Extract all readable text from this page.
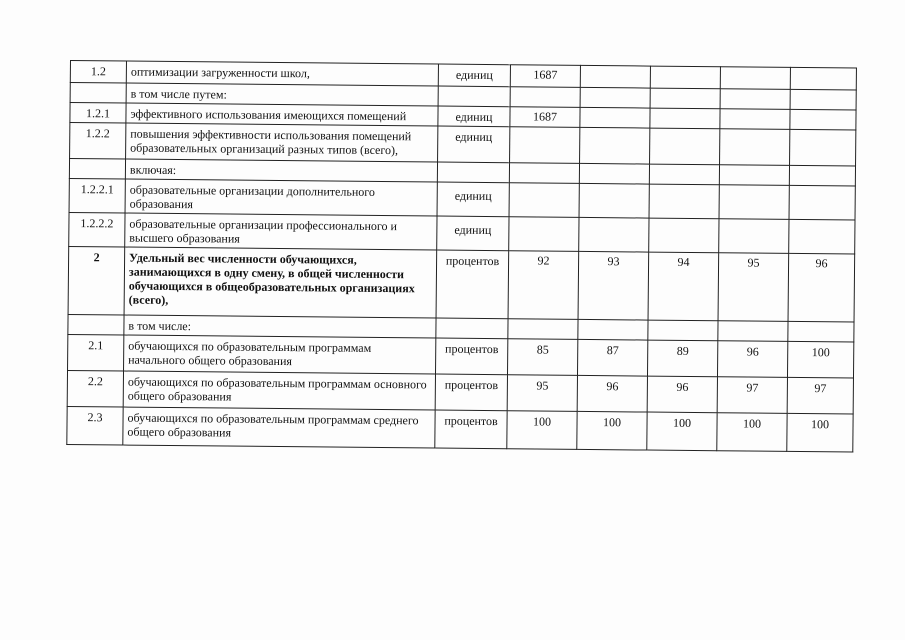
1.2	оптимизации загруженности школ,	единиц	1687				
	в том числе путем:						
1.2.1	эффективного использования имеющихся помещений	единиц	1687				
1.2.2	повышения эффективности использования помещений образовательных организаций разных типов (всего),	единиц					
	включая:						
1.2.2.1	образовательные организации дополнительного образования	единиц					
1.2.2.2	образовательные организации профессионального и высшего образования	единиц					
2	Удельный вес численности обучающихся, занимающихся в одну смену, в общей численности обучающихся в общеобразовательных организациях (всего),	процентов	92	93	94	95	96
	в том числе:						
2.1	обучающихся по образовательным программам начального общего образования	процентов	85	87	89	96	100
2.2	обучающихся по образовательным программам основного общего образования	процентов	95	96	96	97	97
2.3	обучающихся по образовательным программам среднего общего образования	процентов	100	100	100	100	100
